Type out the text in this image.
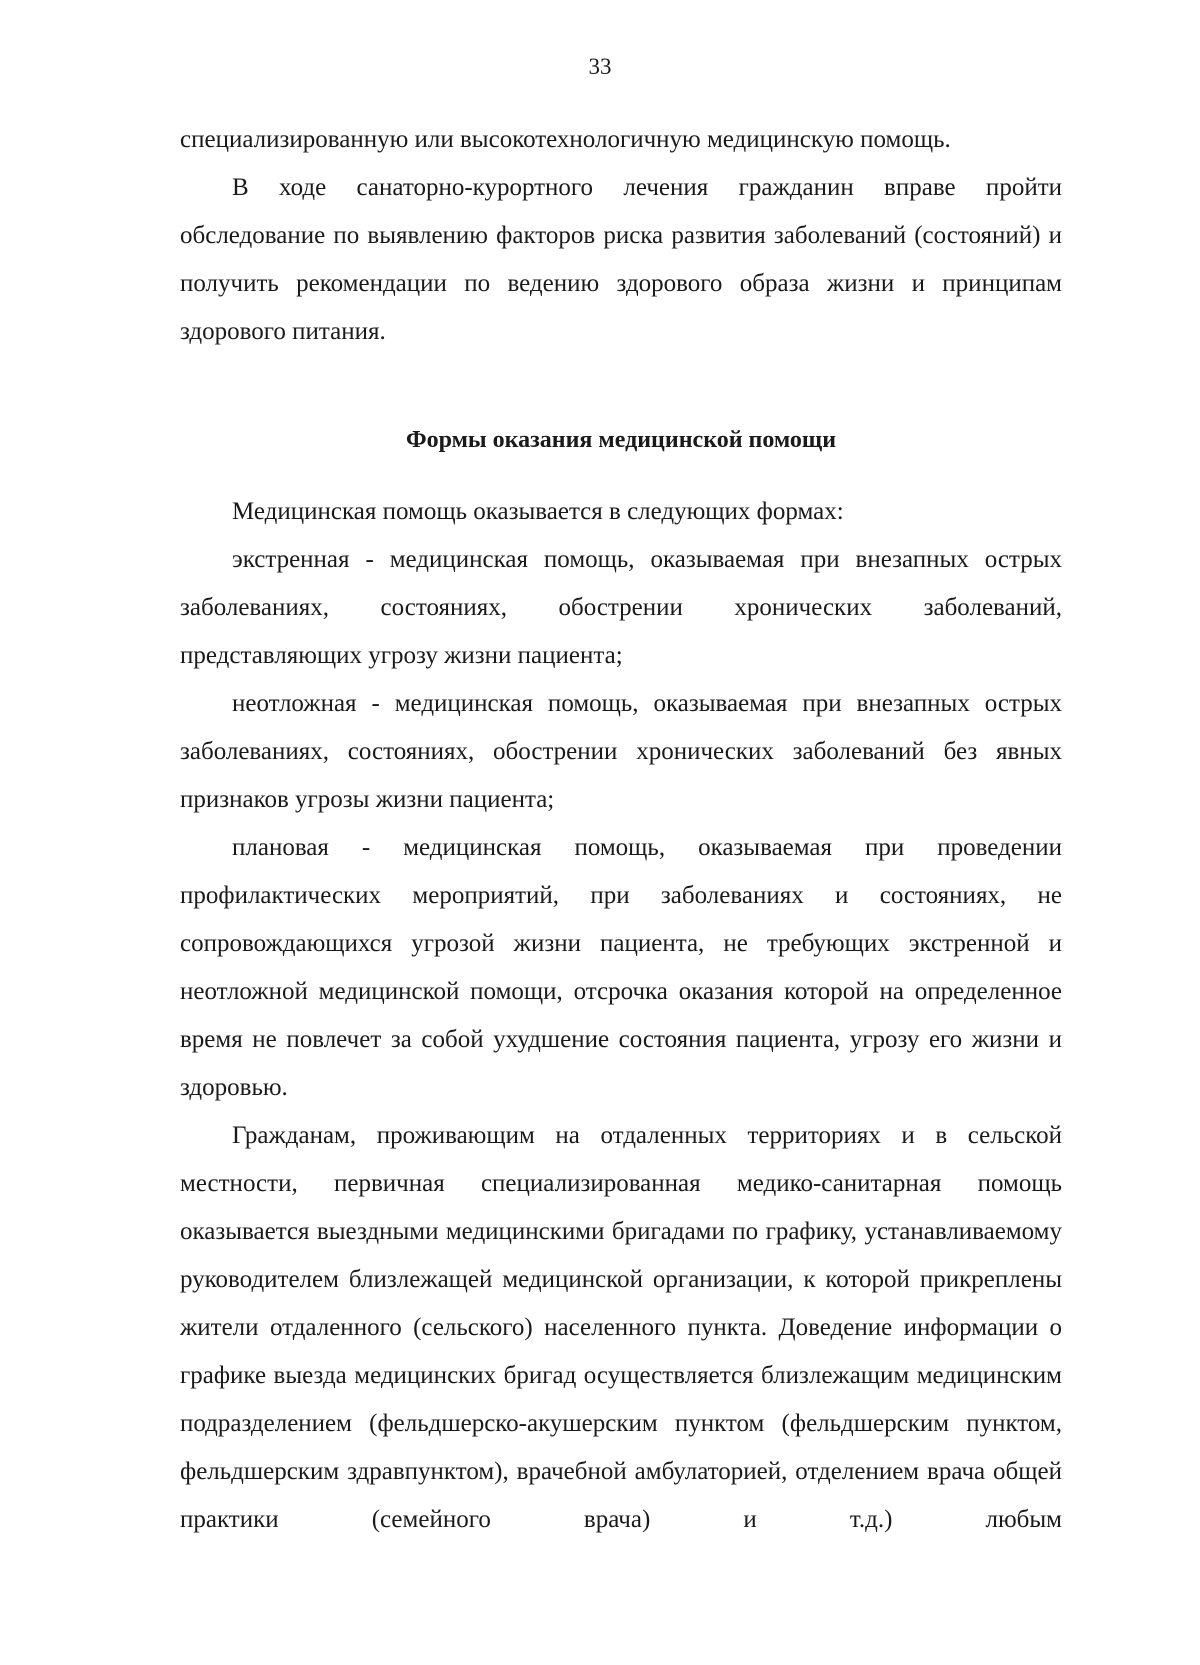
33

специализированную или высокотехнологичную медицинскую помощь.

В ходе санаторно-курортного лечения гражданин вправе пройти обследование по выявлению факторов риска развития заболеваний (состояний) и получить рекомендации по ведению здорового образа жизни и принципам здорового питания.

Формы оказания медицинской помощи

Медицинская помощь оказывается в следующих формах:

экстренная - медицинская помощь, оказываемая при внезапных острых заболеваниях, состояниях, обострении хронических заболеваний, представляющих угрозу жизни пациента;

неотложная - медицинская помощь, оказываемая при внезапных острых заболеваниях, состояниях, обострении хронических заболеваний без явных признаков угрозы жизни пациента;

плановая - медицинская помощь, оказываемая при проведении профилактических мероприятий, при заболеваниях и состояниях, не сопровождающихся угрозой жизни пациента, не требующих экстренной и неотложной медицинской помощи, отсрочка оказания которой на определенное время не повлечет за собой ухудшение состояния пациента, угрозу его жизни и здоровью.

Гражданам, проживающим на отдаленных территориях и в сельской местности, первичная специализированная медико-санитарная помощь оказывается выездными медицинскими бригадами по графику, устанавливаемому руководителем близлежащей медицинской организации, к которой прикреплены жители отдаленного (сельского) населенного пункта. Доведение информации о графике выезда медицинских бригад осуществляется близлежащим медицинским подразделением (фельдшерско-акушерским пунктом (фельдшерским пунктом, фельдшерским здравпунктом), врачебной амбулаторией, отделением врача общей практики (семейного врача) и т.д.) любым
